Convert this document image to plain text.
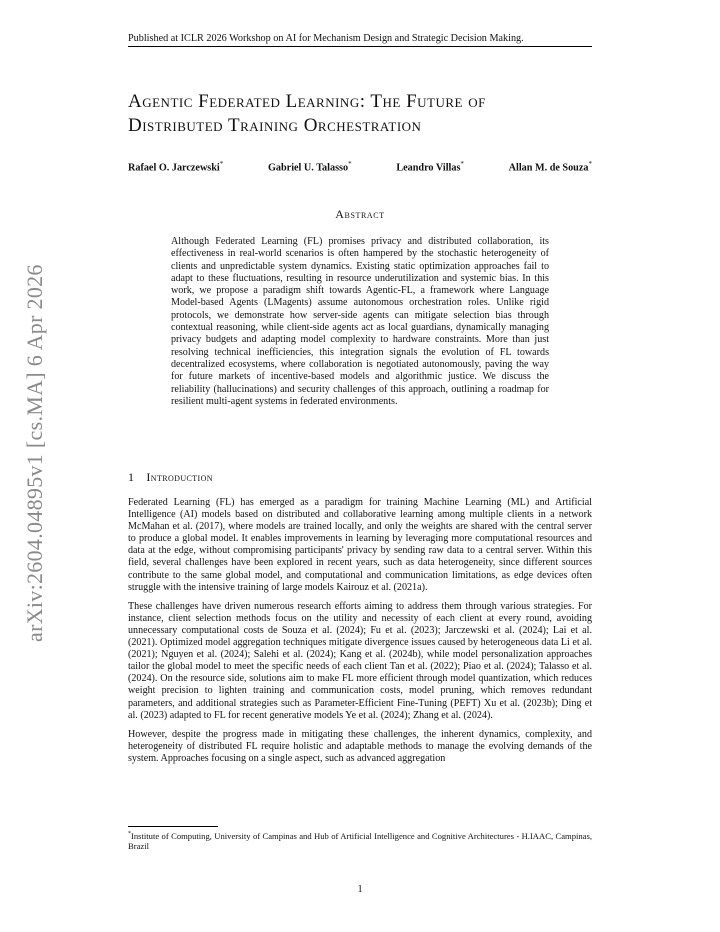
Published at ICLR 2026 Workshop on AI for Mechanism Design and Strategic Decision Making.
Agentic Federated Learning: The Future of
Distributed Training Orchestration
Rafael O. Jarczewski*	Gabriel U. Talasso*	Leandro Villas*	Allan M. de Souza*
Abstract
Although Federated Learning (FL) promises privacy and distributed collaboration, its effectiveness in real-world scenarios is often hampered by the stochastic heterogeneity of clients and unpredictable system dynamics. Existing static optimization approaches fail to adapt to these fluctuations, resulting in resource underutilization and systemic bias. In this work, we propose a paradigm shift towards Agentic-FL, a framework where Language Model-based Agents (LMagents) assume autonomous orchestration roles. Unlike rigid protocols, we demonstrate how server-side agents can mitigate selection bias through contextual reasoning, while client-side agents act as local guardians, dynamically managing privacy budgets and adapting model complexity to hardware constraints. More than just resolving technical inefficiencies, this integration signals the evolution of FL towards decentralized ecosystems, where collaboration is negotiated autonomously, paving the way for future markets of incentive-based models and algorithmic justice. We discuss the reliability (hallucinations) and security challenges of this approach, outlining a roadmap for resilient multi-agent systems in federated environments.
arXiv:2604.04895v1 [cs.MA] 6 Apr 2026	1 Introduction

Federated Learning (FL) has emerged as a paradigm for training Machine Learning (ML) and Artificial Intelligence (AI) models based on distributed and collaborative learning among multiple clients in a network McMahan et al. (2017), where models are trained locally, and only the weights are shared with the central server to produce a global model. It enables improvements in learning by leveraging more computational resources and data at the edge, without compromising participants' privacy by sending raw data to a central server. Within this field, several challenges have been explored in recent years, such as data heterogeneity, since different sources contribute to the same global model, and computational and communication limitations, as edge devices often struggle with the intensive training of large models Kairouz et al. (2021a).

These challenges have driven numerous research efforts aiming to address them through various strategies. For instance, client selection methods focus on the utility and necessity of each client at every round, avoiding unnecessary computational costs de Souza et al. (2024); Fu et al. (2023); Jarczewski et al. (2024); Lai et al. (2021). Optimized model aggregation techniques mitigate divergence issues caused by heterogeneous data Li et al. (2021); Nguyen et al. (2024); Salehi et al. (2024); Kang et al. (2024b), while model personalization approaches tailor the global model to meet the specific needs of each client Tan et al. (2022); Piao et al. (2024); Talasso et al. (2024). On the resource side, solutions aim to make FL more efficient through model quantization, which reduces weight precision to lighten training and communication costs, model pruning, which removes redundant parameters, and additional strategies such as Parameter-Efficient Fine-Tuning (PEFT) Xu et al. (2023b); Ding et al. (2023) adapted to FL for recent generative models Ye et al. (2024); Zhang et al. (2024).

However, despite the progress made in mitigating these challenges, the inherent dynamics, complexity, and heterogeneity of distributed FL require holistic and adaptable methods to manage the evolving demands of the system. Approaches focusing on a single aspect, such as advanced aggregation

*Institute of Computing, University of Campinas and Hub of Artificial Intelligence and Cognitive Architectures - H.IAAC, Campinas, Brazil
1
